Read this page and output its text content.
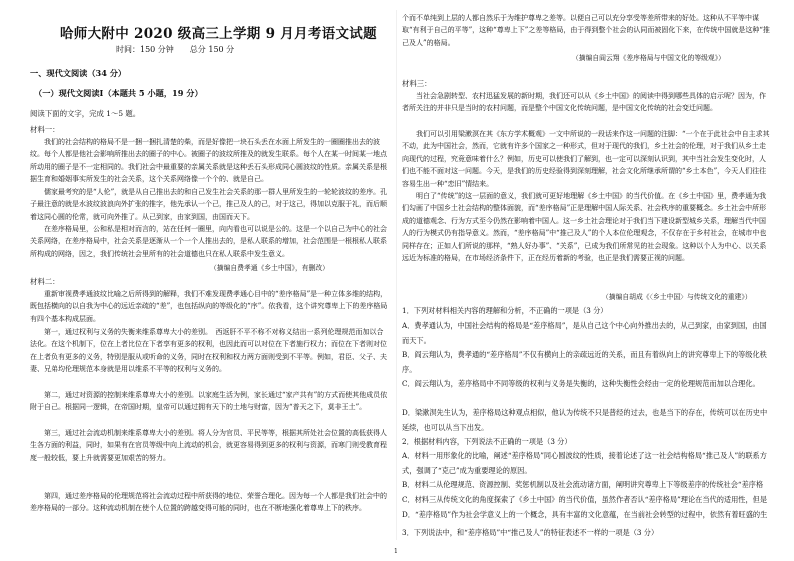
哈师大附中 2020 级高三上学期 9 月月考语文试题
时间：150 分钟　　总分 150 分
一、现代文阅读（34 分）
（一）现代文阅读Ⅰ（本题共 5 小题，19 分）
阅读下面的文字，完成 1～5 题。
材料一：

我们的社会结构的格局不是一捆一捆扎清楚的柴，而是好像把一块石头丢在水面上所发生的一圈圈推出去的波纹。每个人都是他社会影响所推出去的圈子的中心。被圈子的波纹所推及的就发生联系。每个人在某一时间某一地点所动用的圈子是不一定相同的。我们社会中最重要的亲属关系就是这种丢石头形成同心圆波纹的性质。亲属关系是根据生育和婚姻事实所发生的社会关系，这个关系网络像一个个的、就是自己。

儒家最考究的是“人伦”，就是从自己推出去的和自己发生社会关系的那一群人里所发生的一轮轮波纹的差序。孔子最注意的就是水波纹波浪向外扩张的推字，他先承认一个己，推己及人的己，对于这己，得加以克服于礼，而后顺着这同心圆的伦常，就可向外推了。从己到家，由家到国，由国而天下。

在差序格局里，公和私是相对而言的，站在任何一圈里，向内看也可以说是公的。这是一个以自己为中心的社会关系网络，在差序格局中，社会关系是逐渐从一个一个人推出去的，是私人联系的增加，社会范围是一根根私人联系所构成的网络，因之，我们传统社会里所有的社会道德也只在私人联系中发生意义。

（摘编自费孝通《乡土中国》，有删改）
材料二：

重新审视费孝通波纹比喻之后所得到的解释，我们不难发现费孝通心目中的“差序格局”是一种立体多维的结构，既包括横向的以自我为中心的远近亲疏的“差”，也包括纵向的等级化的“序”。依我看，这个讲究尊卑上下的差序格局有四个基本构成层面。

第一，通过权利与义务的失衡来维系尊卑大小的差别。　西返肝不平不称不对称义结出一系列伦理规范而加以合法化。在这个机制下，位在上者比位在下者享有更多的权利，也因此而可以对位在下者施行权力；而位在下者则对位在上者负有更多的义务，特别是服从或听命的义务，同时在权利和权力两方面则受到不平等。例如，君臣、父子、夫妻、兄弟均伦理规范本身就是用以维系不平等的权利与义务的。

第二，通过对资源的控制来维系尊卑大小的差别。以家庭生活为例，家长通过“家产共有”的方式而使其他成员依附于自己。根据同一逻辑，在帝国时期，皇帝可以通过拥有天下的土地与财富，因为“普天之下，莫非王土”。

第三，通过社会流动机制来维系尊卑大小的差别。将人分为官员、平民等等，根据其所处社会位置的高低获得人生各方面的利益，同时，如果有在官员等级中向上流动的机会，就更容易得到更多的权利与资源，而寒门则受教育程度一般较低，要上升就需要更加艰苦的努力。

第四，通过差序格局的伦理规范将社会流动过程中所获得的地位、荣誉合理化。因为每一个人都是我们社会中的差序格局的一部分。这种流动机制在使个人位置的跨越变得可能的同时，也在不断地强化着尊卑上下的秩序。

个而不单纯到上层的人都自然乐于为维护尊卑之差等。以便自己可以充分享受等差所带来的好处。这种从不平等中谋取“有利于自己的平等”，这种“尊卑上下”之差等格局，由于得到整个社会的认同而被固化下来，在传统中国就是这种“推己及人”的格局。

（摘编自阎云翔《差序格局与中国文化的等级观》）
材料三：

当社会急剧转型、农村迅猛发展的新时期，我们还可以从《乡土中国》的阅读中得到哪些具体的启示呢？因为，作者所关注的并非只是当时的农村问题，而是整个中国文化传统问题，是中国文化传统的社会变迁问题。

我们可以引用梁漱溟在其《东方学术概观》一文中所说的一段话来作这一问题的注脚：“一个在于此社会中自主求其不动，此为中国社会，然而，它就有许多个国家之一种形式，但对于现代的我们，乡土社会的伦理，对于我们从乡土走向现代的过程，究竟意味着什么？例如，历史可以使我们了解到，也一定可以深刻认识到，其中当社会发生变化时，人们也不能不面对这一问题。今天，是我们的历史经验得到深刻理解，社会文化所继承所谓的“乡土本色”，今天人们往往容易生出一种“恋旧”情结来。

明白了“传统”的这一层面的意义，我们就可更好地理解《乡土中国》的当代价值。在《乡土中国》里，费孝通为我们勾画了中国乡土社会结构的整体面貌，而“差序格局”正是理解中国人际关系、社会秩序的重要概念。乡土社会中所形成的道德观念、行为方式至今仍然在影响着中国人。这一乡土社会理论对于我们当下建设新型城乡关系，理解当代中国人的行为模式仍有指导意义。然而，“差序格局”中“推己及人”的个人本位伦理观念，不仅存在于乡村社会，在城市中也同样存在；正如人们所说的那样，“熟人好办事”、“关系”，已成为我们所常见的社会现象。这种以个人为中心、以关系远近为标准的格局，在市场经济条件下，正在经历着新的考验，也正是我们需要正视的问题。

（摘编自胡成《〈乡土中国〉与传统文化的重建》）

1．下列对材料相关内容的理解和分析，不正确的一项是（3 分）

A．费孝通认为，中国社会结构的格局是“差序格局”，是从自己这个中心向外推出去的，从己到家，由家到国，由国而天下。

B．阎云翔认为，费孝通的“差序格局”不仅有横向上的亲疏远近的关系，而且有着纵向上的讲究尊卑上下的等级化秩序。

C．阎云翔认为，差序格局中不同等级的权利与义务是失衡的，这种失衡性会经由一定的伦理规范而加以合理化。

D．梁漱溟先生认为，差序格局这种观点相似，他认为传统不只是普经的过去，也是当下的存在，传统可以在历史中延续，也可以从当下出发。

2．根据材料内容，下列说法不正确的一项是（3 分）

A．材料一用形象化的比喻，阐述“差序格局”同心圆波纹的性质，接着论述了这一社会结构格局“推己及人”的联系方式，强调了“克己”成为重要理论的原因。

B．材料二从伦理规范、资源控制、奖惩机制以及社会流动诸方面，阐明讲究尊卑上下等级差序的传统社会“差序格

C．材料三从传统文化的角度探索了《乡土中国》的当代价值，虽然作者否认“差序格局”理论在当代的适用性，但是

D．“差序格局”作为社会学意义上的一个概念，具有丰富的文化意蕴，在当前社会转型的过程中，依然有着旺盛的生

3．下列说法中，和“差序格局”中“推己及人”的特征表述不一样的一项是（3 分）

1
